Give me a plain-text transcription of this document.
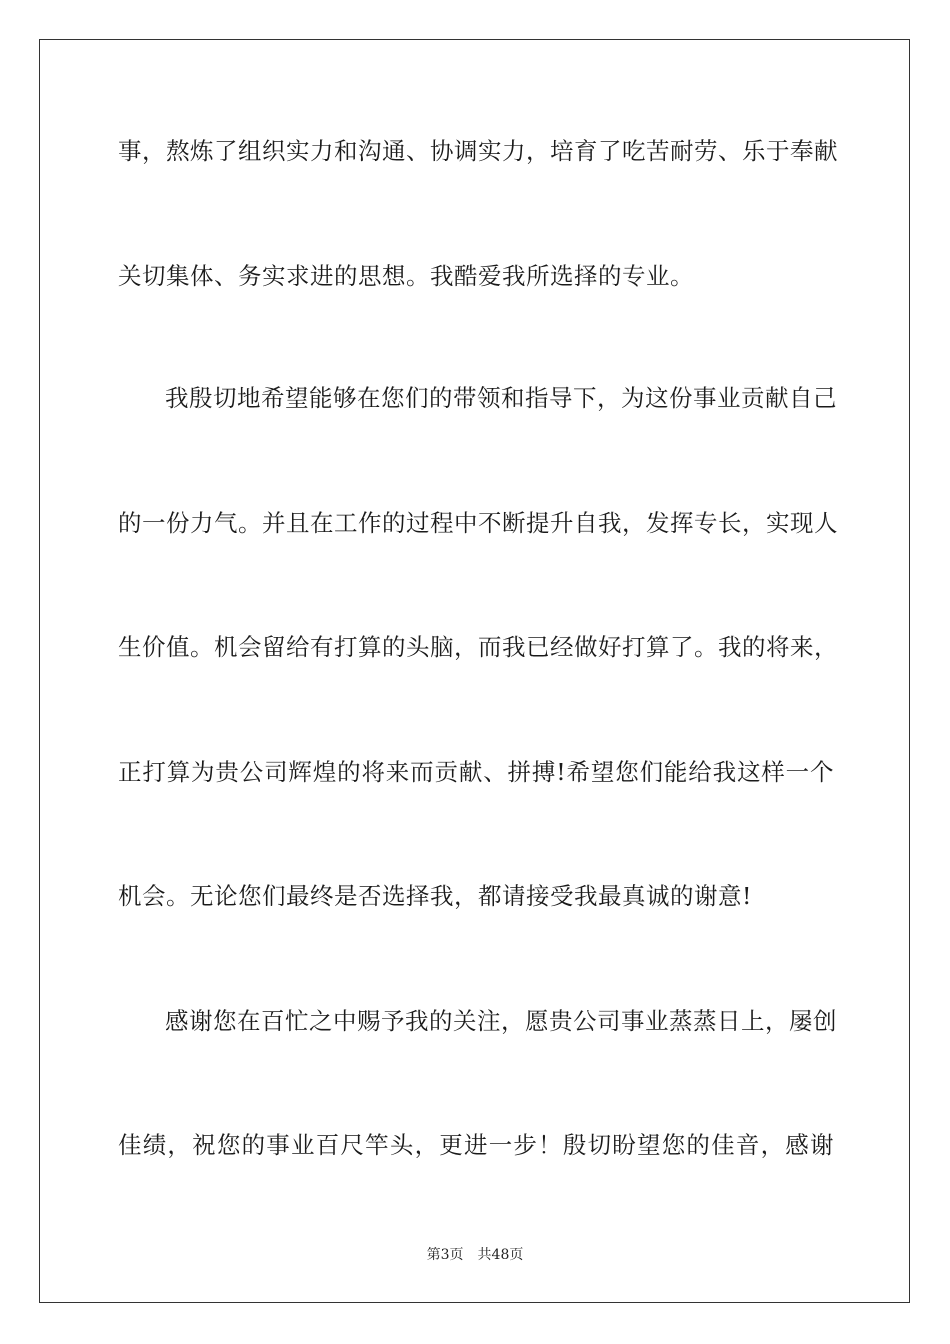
事，熬炼了组织实力和沟通、协调实力，培育了吃苦耐劳、乐于奉献

关切集体、务实求进的思想。我酷爱我所选择的专业。

我殷切地希望能够在您们的带领和指导下，为这份事业贡献自己

的一份力气。并且在工作的过程中不断提升自我，发挥专长，实现人

生价值。机会留给有打算的头脑，而我已经做好打算了。我的将来，

正打算为贵公司辉煌的将来而贡献、拼搏!希望您们能给我这样一个

机会。无论您们最终是否选择我，都请接受我最真诚的谢意!

感谢您在百忙之中赐予我的关注，愿贵公司事业蒸蒸日上，屡创

佳绩，祝您的事业百尺竿头，更进一步！殷切盼望您的佳音，感谢

第3页 共48页
